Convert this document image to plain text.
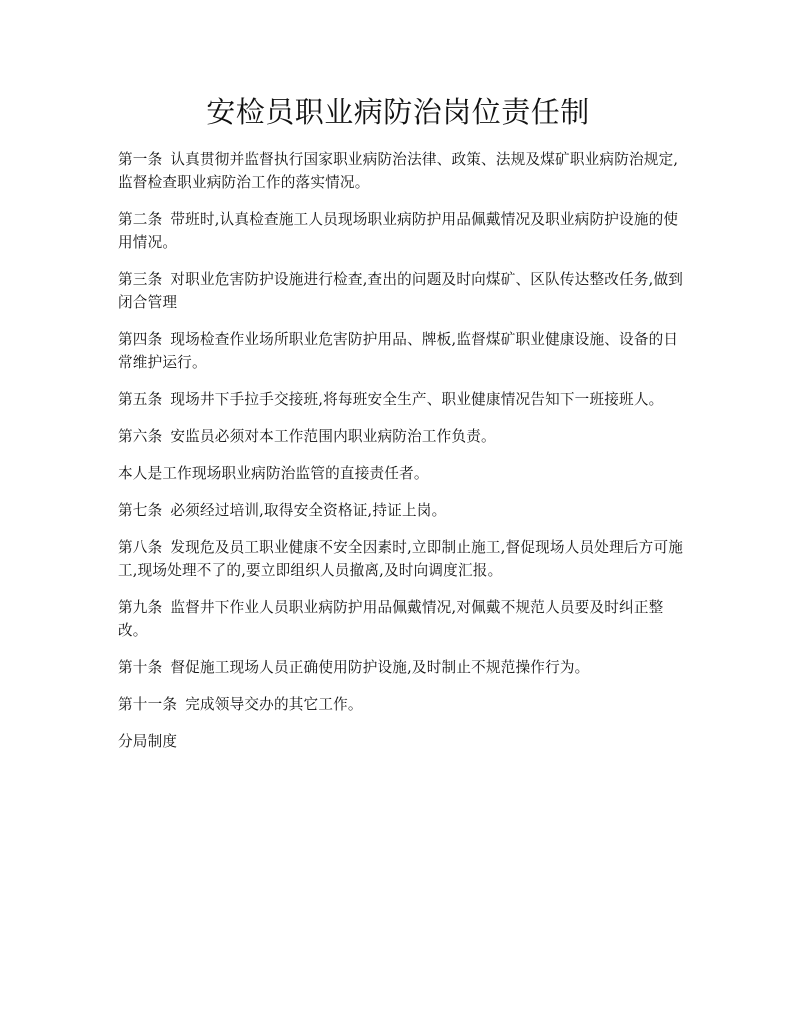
安检员职业病防治岗位责任制

第一条 认真贯彻并监督执行国家职业病防治法律、政策、法规及煤矿职业病防治规定,监督检查职业病防治工作的落实情况。

第二条 带班时,认真检查施工人员现场职业病防护用品佩戴情况及职业病防护设施的使用情况。

第三条 对职业危害防护设施进行检查,查出的问题及时向煤矿、区队传达整改任务,做到闭合管理

第四条 现场检查作业场所职业危害防护用品、牌板,监督煤矿职业健康设施、设备的日常维护运行。

第五条 现场井下手拉手交接班,将每班安全生产、职业健康情况告知下一班接班人。

第六条 安监员必须对本工作范围内职业病防治工作负责。

本人是工作现场职业病防治监管的直接责任者。

第七条 必须经过培训,取得安全资格证,持证上岗。

第八条 发现危及员工职业健康不安全因素时,立即制止施工,督促现场人员处理后方可施工,现场处理不了的,要立即组织人员撤离,及时向调度汇报。

第九条 监督井下作业人员职业病防护用品佩戴情况,对佩戴不规范人员要及时纠正整改。

第十条 督促施工现场人员正确使用防护设施,及时制止不规范操作行为。

第十一条 完成领导交办的其它工作。

分局制度
